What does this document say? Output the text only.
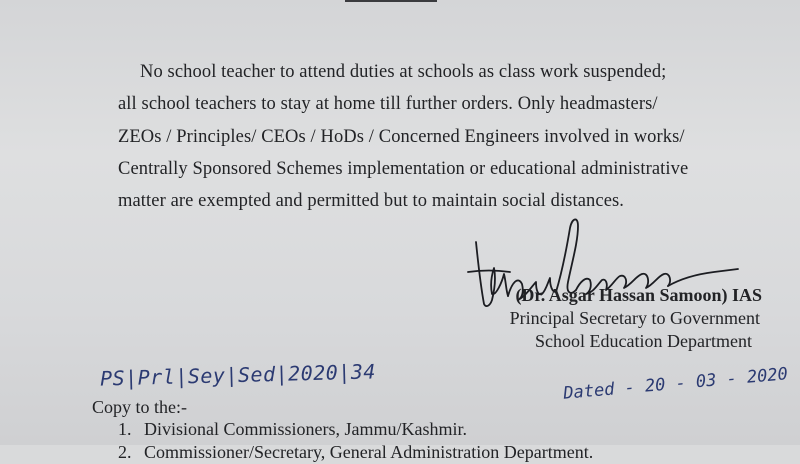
No school teacher to attend duties at schools as class work suspended;
all school teachers to stay at home till further orders. Only headmasters/
ZEOs / Principles/ CEOs / HoDs / Concerned Engineers involved in works/
Centrally Sponsored Schemes implementation or educational administrative
matter are exempted and permitted but to maintain social distances.
(Dr. Asgar Hassan Samoon) IAS
Principal Secretary to Government
School Education Department
PS|Prl|Sey|Sed|2020|34	Dated - 20 - 03 - 2020
Copy to the:-
1. Divisional Commissioners, Jammu/Kashmir.
2. Commissioner/Secretary, General Administration Department.
